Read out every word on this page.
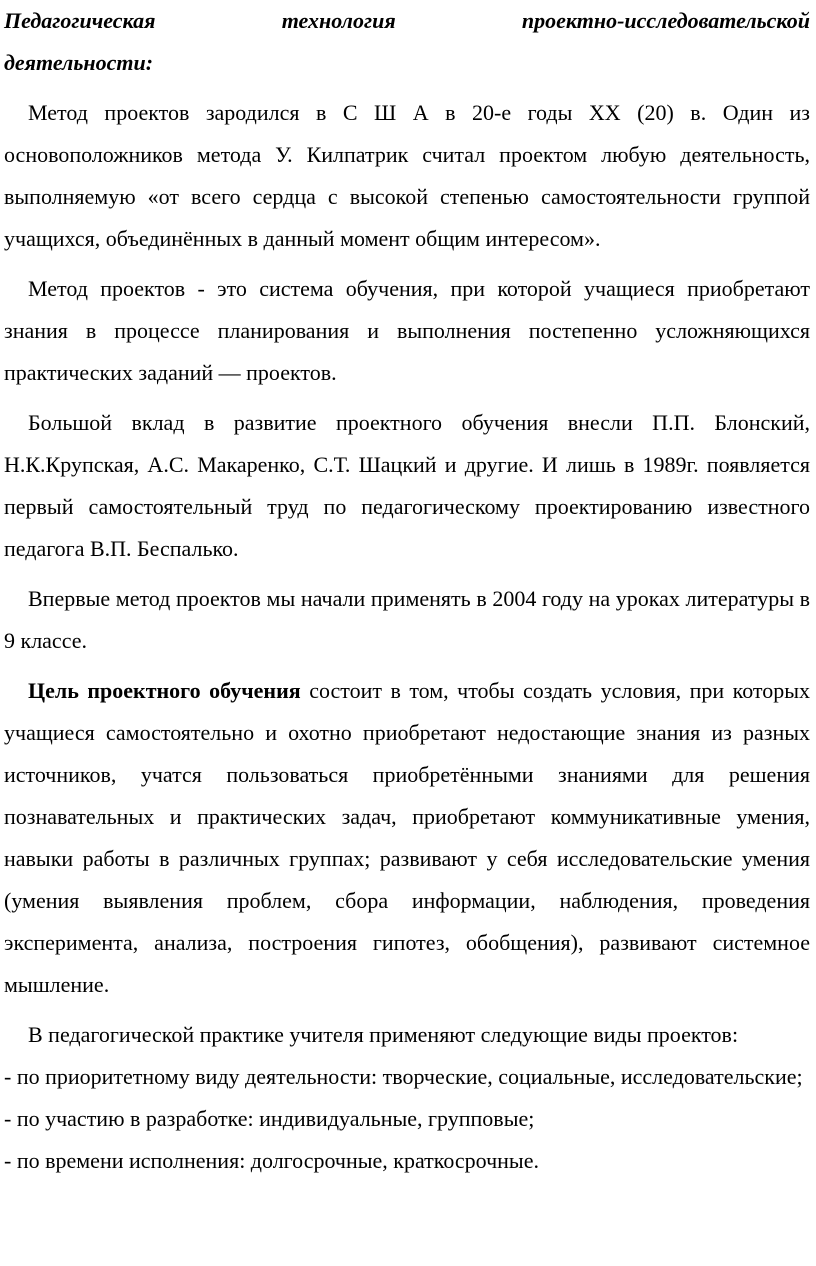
Педагогическая	технология	проектно-исследовательской
деятельности:

Метод проектов зародился в С Ш А в 20-е годы XX (20) в. Один из основоположников метода У. Килпатрик считал проектом любую деятельность, выполняемую «от всего сердца с высокой степенью самостоятельности группой учащихся, объединённых в данный момент общим интересом».

Метод проектов - это система обучения, при которой учащиеся приобретают знания в процессе планирования и выполнения постепенно усложняющихся практических заданий — проектов.

Большой вклад в развитие проектного обучения внесли П.П. Блонский, Н.К.Крупская, А.С. Макаренко, С.Т. Шацкий и другие. И лишь в 1989г. появляется первый самостоятельный труд по педагогическому проектированию известного педагога В.П. Беспалько.

Впервые метод проектов мы начали применять в 2004 году на уроках литературы в 9 классе.

Цель проектного обучения состоит в том, чтобы создать условия, при которых учащиеся самостоятельно и охотно приобретают недостающие знания из разных источников, учатся пользоваться приобретёнными знаниями для решения познавательных и практических задач, приобретают коммуникативные умения, навыки работы в различных группах; развивают у себя исследовательские умения (умения выявления проблем, сбора информации, наблюдения, проведения эксперимента, анализа, построения гипотез, обобщения), развивают системное мышление.

В педагогической практике учителя применяют следующие виды проектов:

- по приоритетному виду деятельности: творческие, социальные, исследовательские;

- по участию в разработке: индивидуальные, групповые;

- по времени исполнения: долгосрочные, краткосрочные.
